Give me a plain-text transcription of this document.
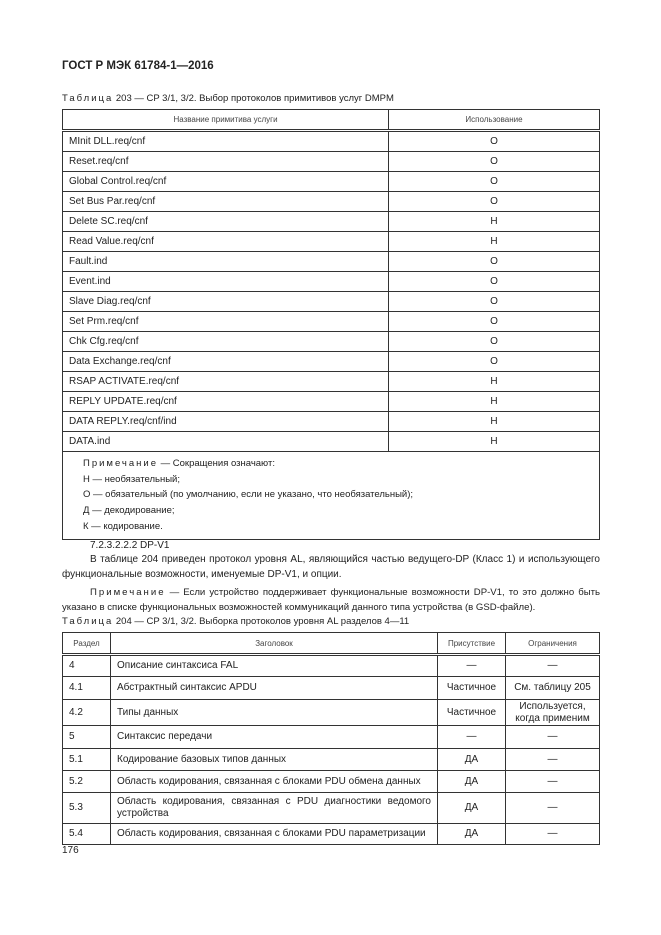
ГОСТ Р МЭК 61784-1—2016
Таблица 203 — CP 3/1, 3/2. Выбор протоколов примитивов услуг DMPM
Название примитива услуги	Использование
MInit DLL.req/cnf	O
Reset.req/cnf	O
Global Control.req/cnf	O
Set Bus Par.req/cnf	O
Delete SC.req/cnf	H
Read Value.req/cnf	H
Fault.ind	O
Event.ind	O
Slave Diag.req/cnf	O
Set Prm.req/cnf	O
Chk Cfg.req/cnf	O
Data Exchange.req/cnf	O
RSAP ACTIVATE.req/cnf	H
REPLY UPDATE.req/cnf	H
DATA REPLY.req/cnf/ind	H
DATA.ind	H

Примечание — Сокращения означают:
Н — необязательный;
О — обязательный (по умолчанию, если не указано, что необязательный);
Д — декодирование;
К — кодирование.	
7.2.3.2.2.2 DP-V1
В таблице 204 приведен протокол уровня AL, являющийся частью ведущего-DP (Класс 1) и использующего функциональные возможности, именуемые DP-V1, и опции.
Примечание — Если устройство поддерживает функциональные возможности DP-V1, то это должно быть указано в списке функциональных возможностей коммуникаций данного типа устройства (в GSD-файле).
Таблица 204 — CP 3/1, 3/2. Выборка протоколов уровня AL разделов 4—11
Раздел	Заголовок	Присутствие	Ограничения
4	Описание синтаксиса FAL	—	—
4.1	Абстрактный синтаксис APDU	Частичное	См. таблицу 205
4.2	Типы данных	Частичное	Используется, когда применим
5	Синтаксис передачи	—	—
5.1	Кодирование базовых типов данных	ДА	—
5.2	Область кодирования, связанная с блоками PDU обмена данных	ДА	—
5.3	Область кодирования, связанная с PDU диагностики ведомого устройства	ДА	—
5.4	Область кодирования, связанная с блоками PDU параметризации	ДА	—
176
